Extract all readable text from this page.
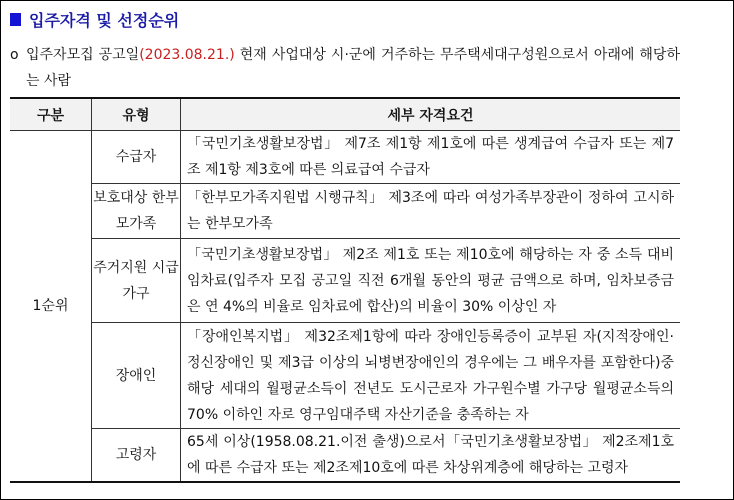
입주자격 및 선정순위
o 입주자모집 공고일(2023.08.21.) 현재 사업대상 시·군에 거주하는 무주택세대구성원으로서 아래에 해당하는 사람
구분	유형	세부 자격요건
1순위	수급자	「국민기초생활보장법」 제7조 제1항 제1호에 따른 생계급여 수급자 또는 제7조 제1항 제3호에 따른 의료급여 수급자
	보호대상 한부모가족	「한부모가족지원법 시행규칙」 제3조에 따라 여성가족부장관이 정하여 고시하는 한부모가족
	주거지원 시급가구	「국민기초생활보장법」 제2조 제1호 또는 제10호에 해당하는 자 중 소득 대비 임차료(입주자 모집 공고일 직전 6개월 동안의 평균 금액으로 하며, 임차보증금은 연 4%의 비율로 임차료에 합산)의 비율이 30% 이상인 자
	장애인	「장애인복지법」 제32조제1항에 따라 장애인등록증이 교부된 자(지적장애인·정신장애인 및 제3급 이상의 뇌병변장애인의 경우에는 그 배우자를 포함한다)중 해당 세대의 월평균소득이 전년도 도시근로자 가구원수별 가구당 월평균소득의 70% 이하인 자로 영구임대주택 자산기준을 충족하는 자
	고령자	65세 이상(1958.08.21.이전 출생)으로서「국민기초생활보장법」 제2조제1호에 따른 수급자 또는 제2조제10호에 따른 차상위계층에 해당하는 고령자
